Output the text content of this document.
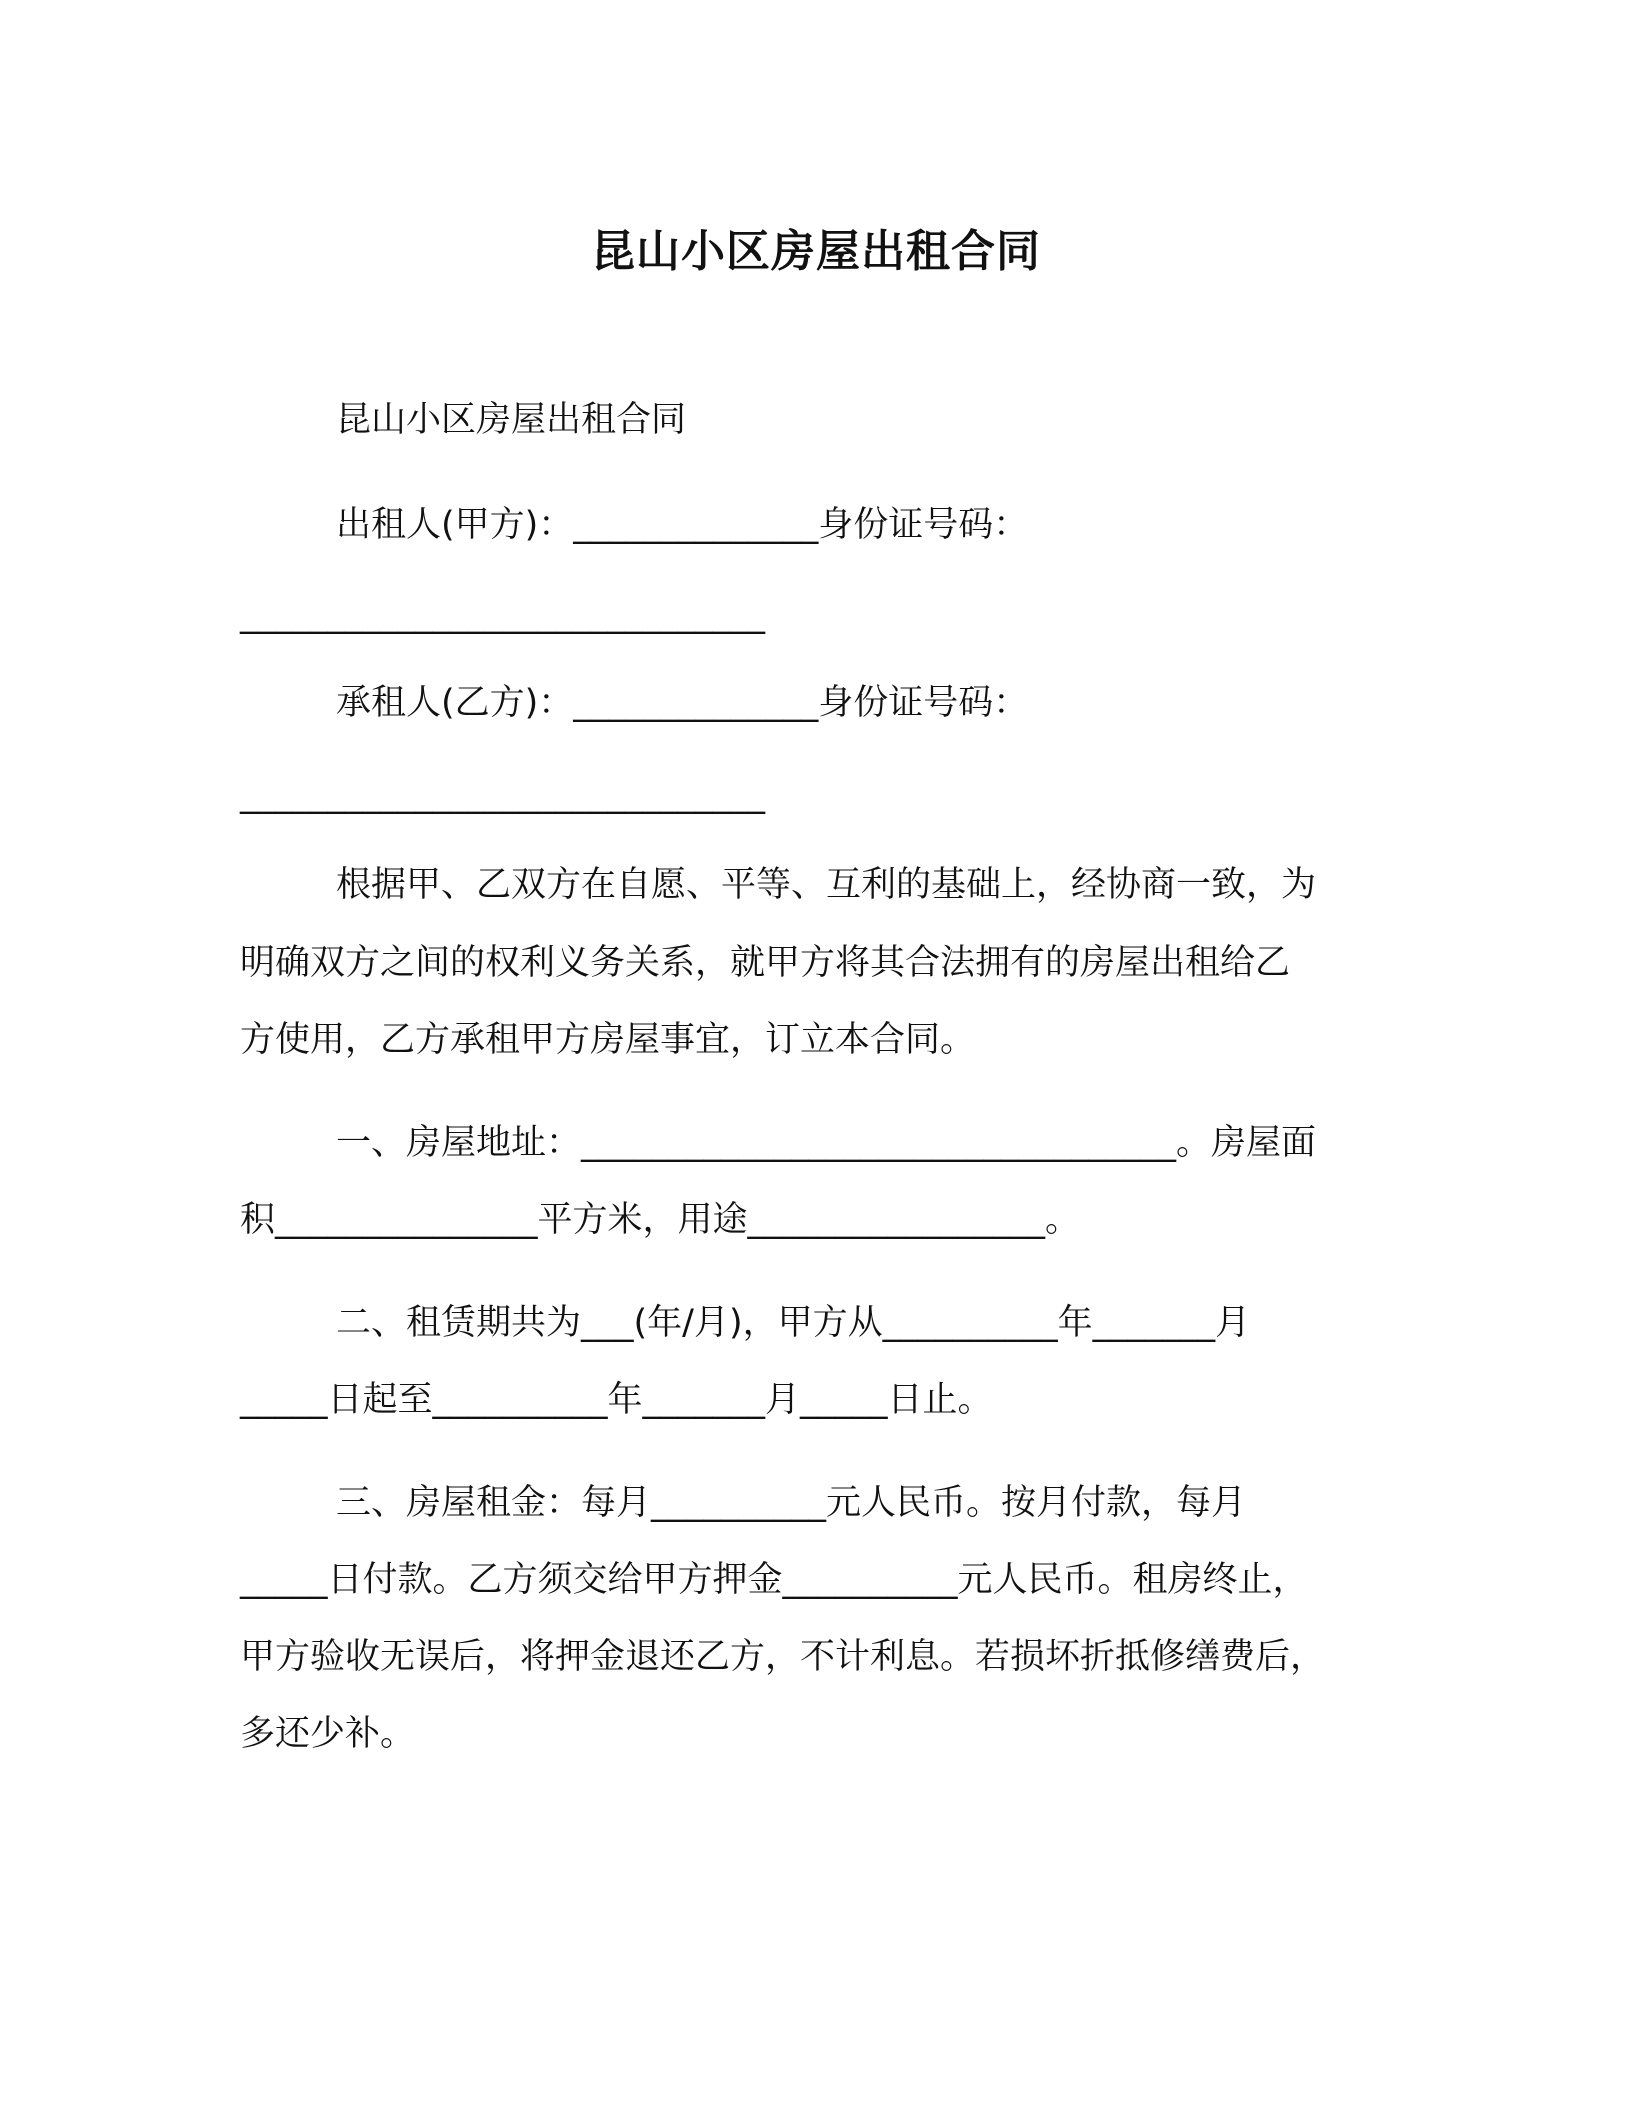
昆山小区房屋出租合同
昆山小区房屋出租合同
出租人(甲方)：______________身份证号码：
______________________________
承租人(乙方)：______________身份证号码：
______________________________
根据甲、乙双方在自愿、平等、互利的基础上，经协商一致，为
明确双方之间的权利义务关系，就甲方将其合法拥有的房屋出租给乙
方使用，乙方承租甲方房屋事宜，订立本合同。
一、房屋地址：__________________________________。房屋面
积_______________平方米，用途_________________。
二、租赁期共为___(年/月)，甲方从__________年_______月
_____日起至__________年_______月_____日止。
三、房屋租金：每月__________元人民币。按月付款，每月
_____日付款。乙方须交给甲方押金__________元人民币。租房终止，
甲方验收无误后，将押金退还乙方，不计利息。若损坏折抵修缮费后，
多还少补。
